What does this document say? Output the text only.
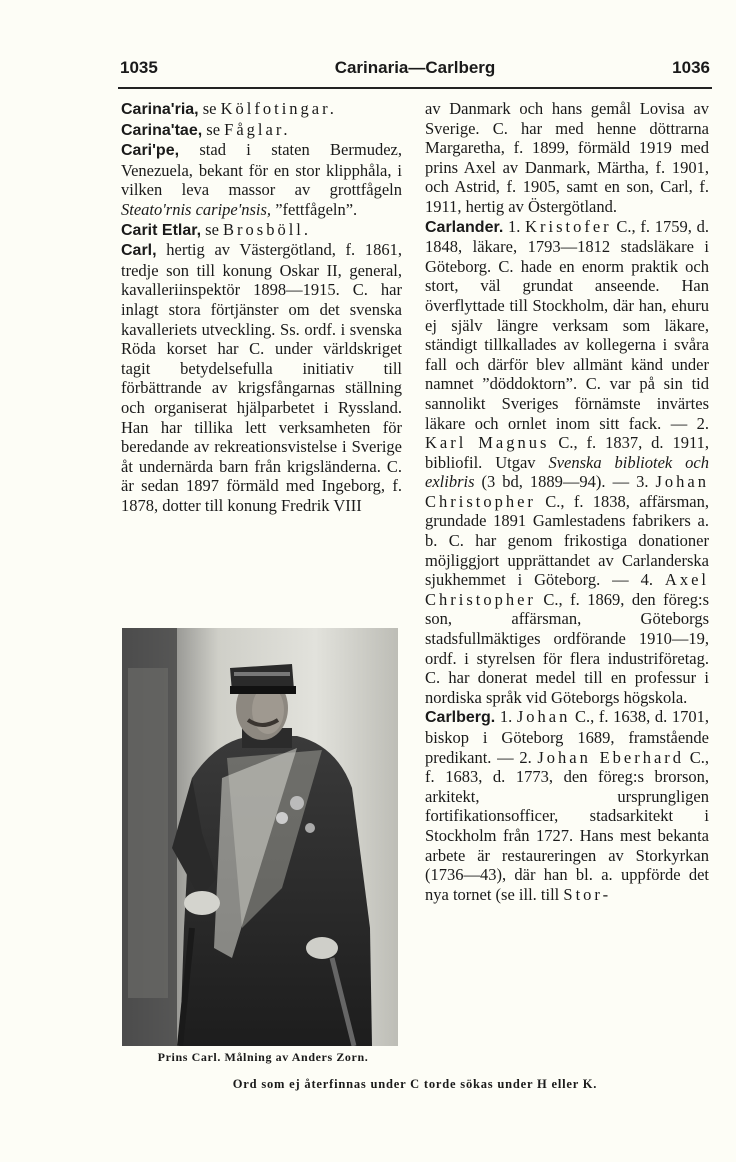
1035	Carinaria—Carlberg	1036

Carina'ria, se Kölfotingar.

Carina'tae, se Fåglar.

Cari'pe, stad i staten Bermudez, Venezuela, bekant för en stor klipphåla, i vilken leva massor av grottfågeln Steato'rnis caripe'nsis, ”fettfågeln”.

Carit Etlar, se Brosböll.

Carl, hertig av Västergötland, f. 1861, tredje son till konung Oskar II, general, kavalleriinspektör 1898—1915. C. har inlagt stora förtjänster om det svenska kavalleriets utveckling. Ss. ordf. i svenska Röda korset har C. under världskriget tagit betydelsefulla initiativ till förbättrande av krigsfångarnas ställning och organiserat hjälparbetet i Ryssland. Han har tillika lett verksamheten för beredande av rekreationsvistelse i Sverige åt undernärda barn från krigsländerna. C. är sedan 1897 förmäld med Ingeborg, f. 1878, dotter till konung Fredrik VIII

Prins Carl. Målning av Anders Zorn.

av Danmark och hans gemål Lovisa av Sverige. C. har med henne döttrarna Margaretha, f. 1899, förmäld 1919 med prins Axel av Danmark, Märtha, f. 1901, och Astrid, f. 1905, samt en son, Carl, f. 1911, hertig av Östergötland.

Carlander. 1. Kristofer C., f. 1759, d. 1848, läkare, 1793—1812 stadsläkare i Göteborg. C. hade en enorm praktik och stort, väl grundat anseende. Han överflyttade till Stockholm, där han, ehuru ej själv längre verksam som läkare, ständigt tillkallades av kollegerna i svåra fall och därför blev allmänt känd under namnet ”döddoktorn”. C. var på sin tid sannolikt Sveriges förnämste invärtes läkare och ornlet inom sitt fack. — 2. Karl Magnus C., f. 1837, d. 1911, bibliofil. Utgav Svenska bibliotek och exlibris (3 bd, 1889—94). — 3. Johan Christopher C., f. 1838, affärsman, grundade 1891 Gamlestadens fabrikers a. b. C. har genom frikostiga donationer möjliggjort upprättandet av Carlanderska sjukhemmet i Göteborg. — 4. Axel Christopher C., f. 1869, den föreg:s son, affärsman, Göteborgs stadsfullmäktiges ordförande 1910—19, ordf. i styrelsen för flera industriföretag. C. har donerat medel till en professur i nordiska språk vid Göteborgs högskola.

Carlberg. 1. Johan C., f. 1638, d. 1701, biskop i Göteborg 1689, framstående predikant. — 2. Johan Eberhard C., f. 1683, d. 1773, den föreg:s brorson, arkitekt, ursprungligen fortifikationsofficer, stadsarkitekt i Stockholm från 1727. Hans mest bekanta arbete är restaureringen av Storkyrkan (1736—43), där han bl. a. uppförde det nya tornet (se ill. till Stor-

Ord som ej återfinnas under C torde sökas under H eller K.
